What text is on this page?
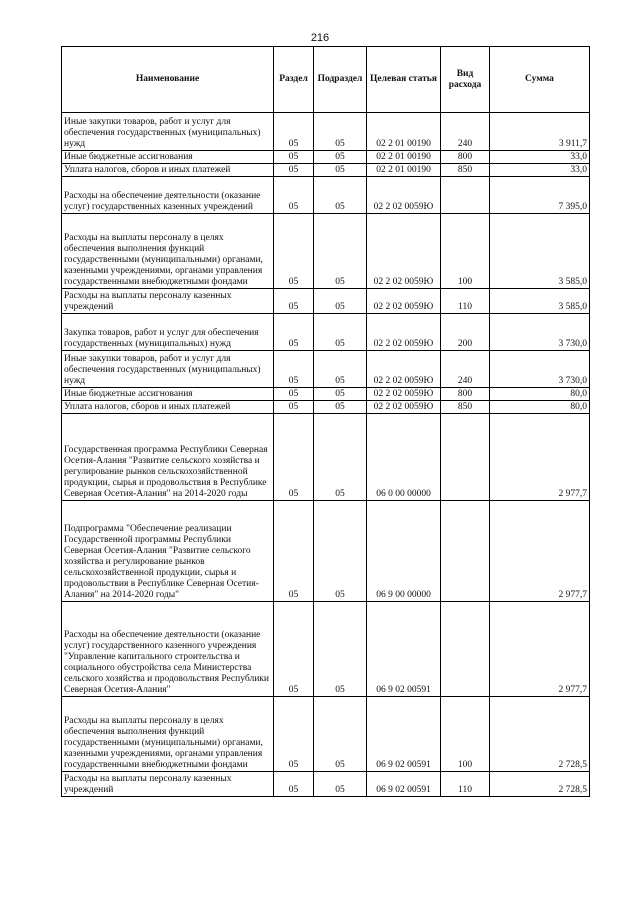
216
Наименование	Раздел	Подраздел	Целевая статья	Вид расхода	Сумма
Иные закупки товаров, работ и услуг для обеспечения государственных (муниципальных) нужд	05	05	02 2 01 00190	240	3 911,7
Иные бюджетные ассигнования	05	05	02 2 01 00190	800	33,0
Уплата налогов, сборов и иных платежей	05	05	02 2 01 00190	850	33,0
Расходы на обеспечение деятельности (оказание услуг) государственных казенных учреждений	05	05	02 2 02 0059Ю		7 395,0
Расходы на выплаты персоналу в целях обеспечения выполнения функций государственными (муниципальными) органами, казенными учреждениями, органами управления государственными внебюджетными фондами	05	05	02 2 02 0059Ю	100	3 585,0
Расходы на выплаты персоналу казенных учреждений	05	05	02 2 02 0059Ю	110	3 585,0
Закупка товаров, работ и услуг для обеспечения государственных (муниципальных) нужд	05	05	02 2 02 0059Ю	200	3 730,0
Иные закупки товаров, работ и услуг для обеспечения государственных (муниципальных) нужд	05	05	02 2 02 0059Ю	240	3 730,0
Иные бюджетные ассигнования	05	05	02 2 02 0059Ю	800	80,0
Уплата налогов, сборов и иных платежей	05	05	02 2 02 0059Ю	850	80,0
Государственная программа Республики Северная Осетия-Алания "Развитие сельского хозяйства и регулирование рынков сельскохозяйственной продукции, сырья и продовольствия в Республике Северная Осетия-Алания" на 2014-2020 годы	05	05	06 0 00 00000		2 977,7
Подпрограмма "Обеспечение реализации Государственной программы Республики Северная Осетия-Алания "Развитие сельского хозяйства и регулирование рынков сельскохозяйственной продукции, сырья и продовольствия в Республике Северная Осетия-Алания" на 2014-2020 годы"	05	05	06 9 00 00000		2 977,7
Расходы на обеспечение деятельности (оказание услуг) государственного казенного учреждения "Управление капитального строительства и социального обустройства села Министерства сельского хозяйства и продовольствия Республики Северная Осетия-Алания"	05	05	06 9 02 00591		2 977,7
Расходы на выплаты персоналу в целях обеспечения выполнения функций государственными (муниципальными) органами, казенными учреждениями, органами управления государственными внебюджетными фондами	05	05	06 9 02 00591	100	2 728,5
Расходы на выплаты персоналу казенных учреждений	05	05	06 9 02 00591	110	2 728,5
